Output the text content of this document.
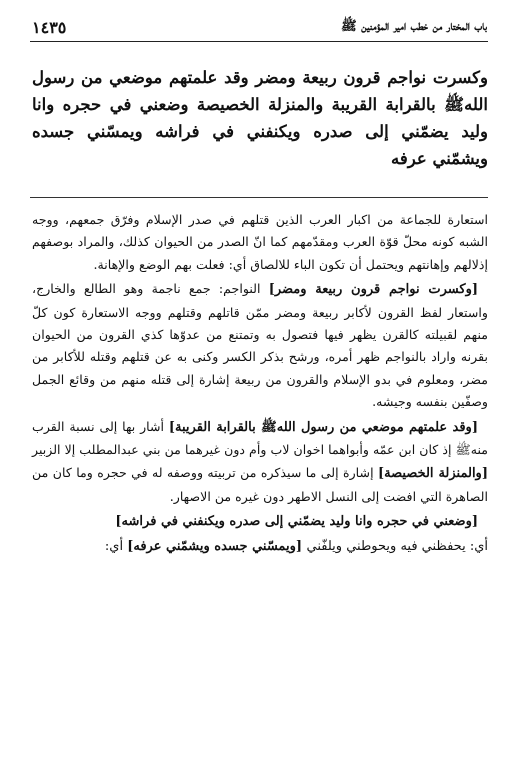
باب المختار من خطب امير المؤمنين ﷺ
١٤٣٥
وكسرت نواجم قرون ربيعة ومضر وقد علمتهم موضعي من رسول اللهﷺ بالقرابة القريبة والمنزلة الخصيصة وضعني في حجره وانا وليد يضمّني إلى صدره ويكنفني في فراشه ويمسّني جسده ويشمّني عرفه

استعارة للجماعة من اكبار العرب الذين قتلهم في صدر الإسلام وفرّق جمعهم، ووجه الشبه كونه محلّ قوّة العرب ومقدّمهم كما انّ الصدر من الحيوان كذلك، والمراد بوصفهم إذلالهم وإهانتهم ويحتمل أن تكون الباء للالصاق أي: فعلت بهم الوضع والإهانة.

[وكسرت نواجم قرون ربيعة ومضر] النواجم: جمع ناجمة وهو الطالع والخارج، واستعار لفظ القرون لأكابر ربيعة ومضر ممّن قاتلهم وقتلهم ووجه الاستعارة كون كلّ منهم لقبيلته كالقرن يظهر فيها فتصول به وتمتنع من عدوّها كذي القرون من الحيوان بقرنه واراد بالنواجم ظهر أمره، ورشح بذكر الكسر وكنى به عن قتلهم وقتله للأكابر من مضر، ومعلوم في بدو الإسلام والقرون من ربيعة إشارة إلى قتله منهم من وقائع الجمل وصفّين بنفسه وجيشه.

[وقد علمتهم موضعي من رسول اللهﷺ بالقرابة القريبة] أشار بها إلى نسبة القرب منهﷺ إذ كان ابن عمّه وأبواهما اخوان لاب وأم دون غيرهما من بني عبدالمطلب إلا الزبير [والمنزلة الخصيصة] إشارة إلى ما سيذكره من تربيته ووصفه له في حجره وما كان من الصاهرة التي افضت إلى النسل الاطهر دون غيره من الاصهار.

[وضعني في حجره وانا وليد يضمّني إلى صدره ويكنفني في فراشه]

أي: يحفظني فيه ويحوطني ويلفّني [ويمسّني جسده ويشمّني عرفه] أي:
